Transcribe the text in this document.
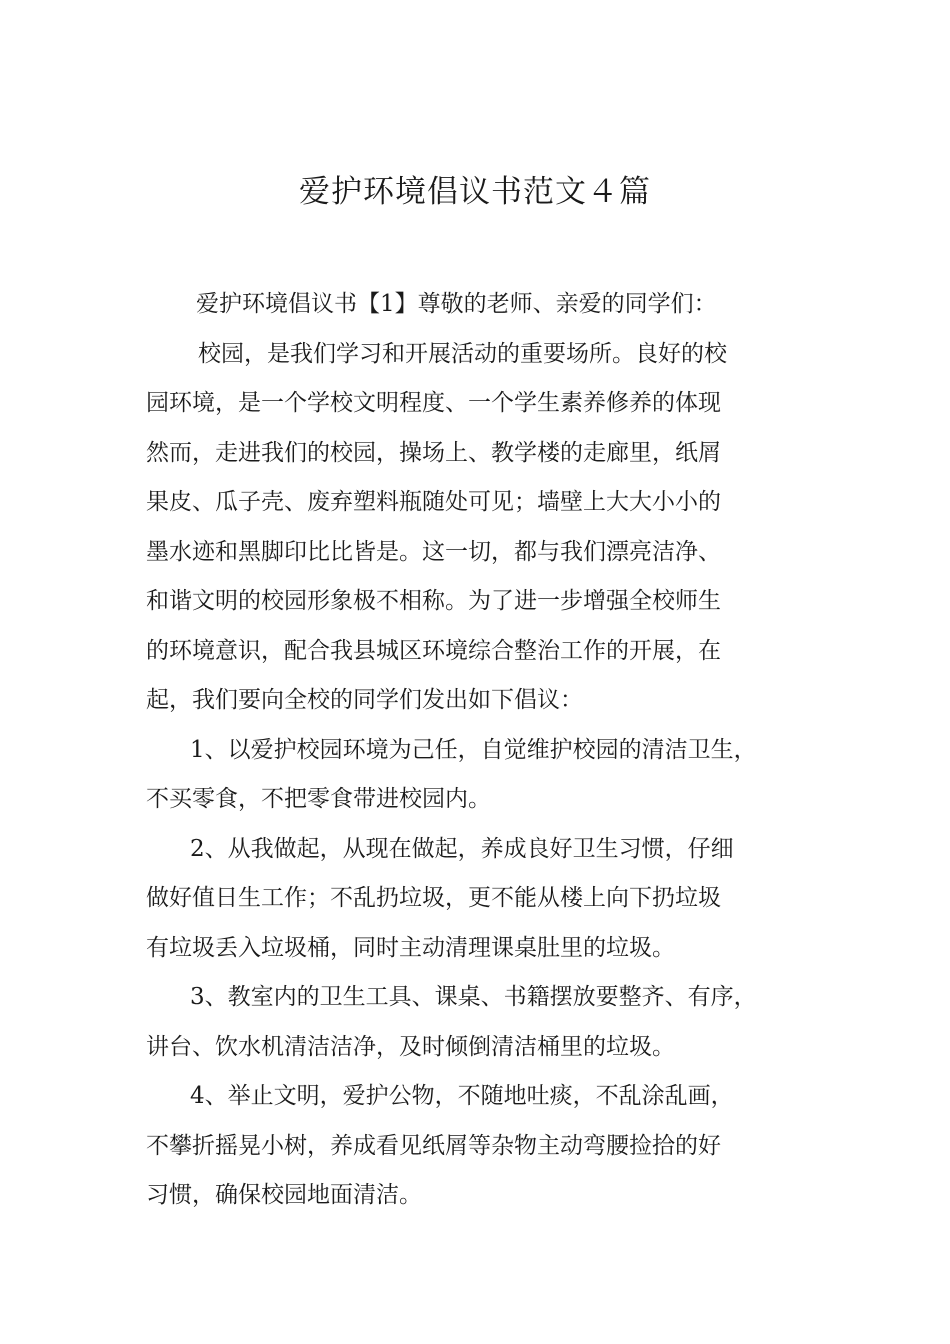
爱护环境倡议书范文４篇
爱护环境倡议书【1】尊敬的老师、亲爱的同学们：
校园，是我们学习和开展活动的重要场所。良好的校
园环境，是一个学校文明程度、一个学生素养修养的体现
然而，走进我们的校园，操场上、教学楼的走廊里，纸屑
果皮、瓜子壳、废弃塑料瓶随处可见；墙壁上大大小小的
墨水迹和黑脚印比比皆是。这一切，都与我们漂亮洁净、
和谐文明的校园形象极不相称。为了进一步增强全校师生
的环境意识，配合我县城区环境综合整治工作的开展，在
起，我们要向全校的同学们发出如下倡议：
1、以爱护校园环境为己任，自觉维护校园的清洁卫生，
不买零食，不把零食带进校园内。
2、从我做起，从现在做起，养成良好卫生习惯，仔细
做好值日生工作；不乱扔垃圾，更不能从楼上向下扔垃圾
有垃圾丢入垃圾桶，同时主动清理课桌肚里的垃圾。
3、教室内的卫生工具、课桌、书籍摆放要整齐、有序，
讲台、饮水机清洁洁净，及时倾倒清洁桶里的垃圾。
4、举止文明，爱护公物，不随地吐痰，不乱涂乱画，
不攀折摇晃小树，养成看见纸屑等杂物主动弯腰捡拾的好
习惯，确保校园地面清洁。
